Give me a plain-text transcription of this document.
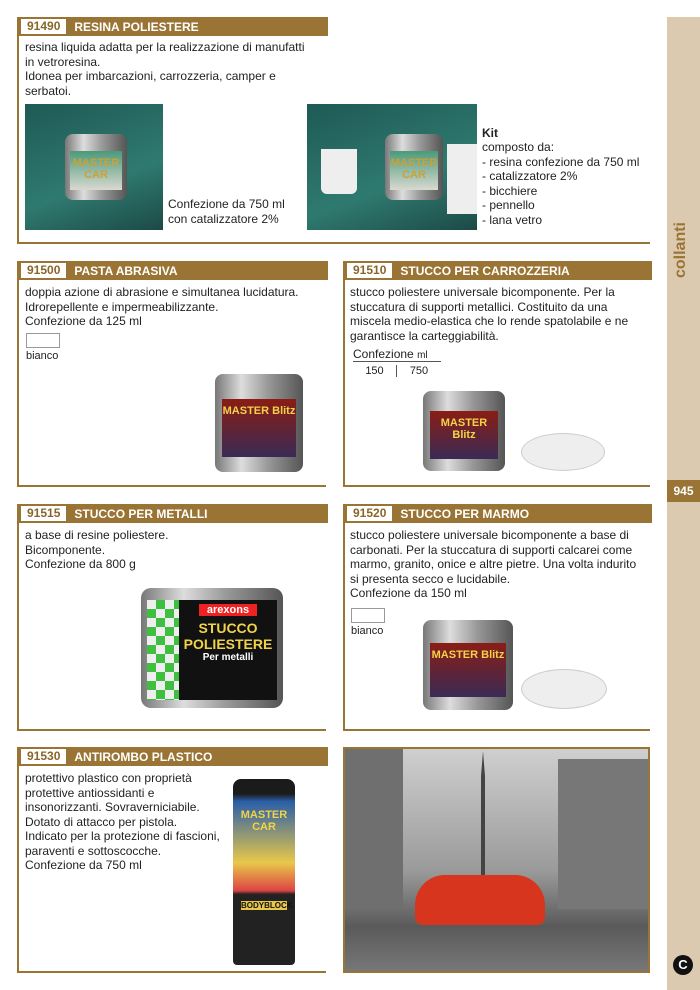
collanti
945
C
91490	RESINA POLIESTERE
resina liquida adatta per la realizzazione di manufatti
in vetroresina.
Idonea per imbarcazioni, carrozzeria, camper e
serbatoi.
MASTER CAR
Confezione da 750 ml
con catalizzatore 2%
MASTER CAR
Kit
composto da:
- resina confezione da 750 ml
- catalizzatore 2%
- bicchiere
- pennello
- lana vetro
91500	PASTA ABRASIVA
doppia azione di abrasione e simultanea lucidatura.
Idrorepellente e impermeabilizzante.
Confezione da 125 ml
bianco
MASTER Blitz
91510	STUCCO PER CARROZZERIA
stucco poliestere universale bicomponente. Per la
stuccatura di supporti metallici. Costituito da una
miscela medio-elastica che lo rende spatolabile e ne
garantisce la carteggiabilità.
Confezione ml
150	750
MASTER Blitz
91515	STUCCO PER METALLI
a base di resine poliestere.
Bicomponente.
Confezione da 800 g
arexons
STUCCO POLIESTERE
Per metalli
91520	STUCCO PER MARMO
stucco poliestere universale bicomponente a base di
carbonati. Per la stuccatura di supporti calcarei come
marmo, granito, onice e altre pietre. Una volta indurito
si presenta secco e lucidabile.
Confezione da 150 ml
bianco
MASTER Blitz
91530	ANTIROMBO PLASTICO
protettivo plastico con proprietà
protettive antiossidanti e
insonorizzanti. Sovraverniciabile.
Dotato di attacco per pistola.
Indicato per la protezione di fascioni,
paraventi e sottoscocche.
Confezione da 750 ml
MASTER CAR
BODYBLOCK
